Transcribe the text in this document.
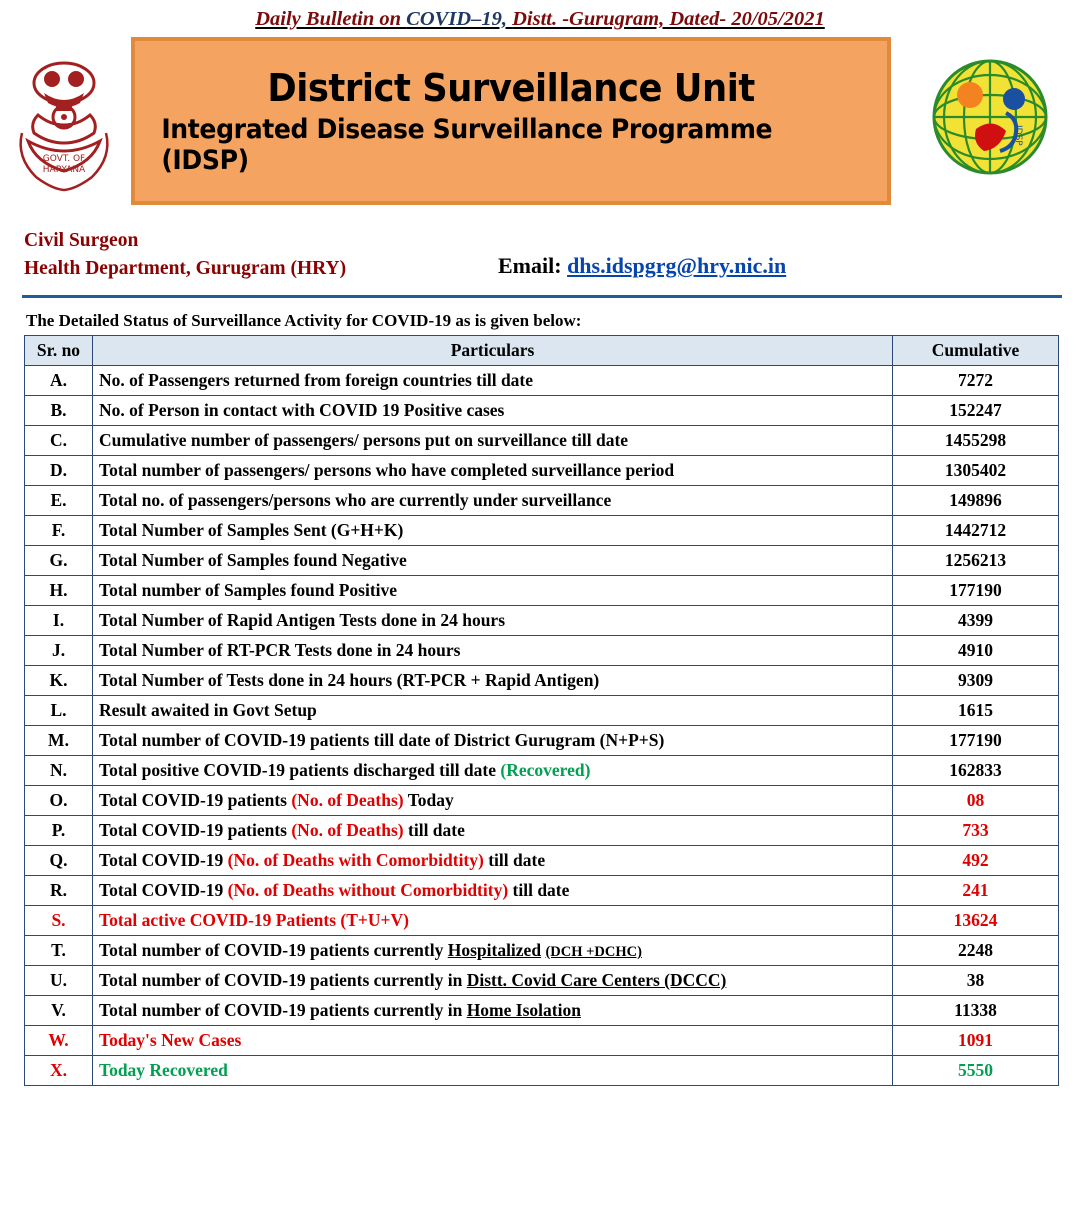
Daily Bulletin on COVID–19, Distt. -Gurugram, Dated- 20/05/2021
GOVT. OF
HARYANA
District Surveillance Unit
Integrated Disease Surveillance Programme (IDSP)
IDSP
Civil Surgeon
Health Department, Gurugram (HRY)	Email: dhs.idspgrg@hry.nic.in
The Detailed Status of Surveillance Activity for COVID-19 as is given below:
Sr. no	Particulars	Cumulative
A.	No. of Passengers returned from foreign countries till date	7272
B.	No. of Person in contact with COVID 19 Positive cases	152247
C.	Cumulative number of passengers/ persons put on surveillance till date	1455298
D.	Total number of passengers/ persons who have completed surveillance period	1305402
E.	Total no. of passengers/persons who are currently under surveillance	149896
F.	Total Number of Samples Sent (G+H+K)	1442712
G.	Total Number of Samples found Negative	1256213
H.	Total number of Samples found Positive	177190
I.	Total Number of Rapid Antigen Tests done in 24 hours	4399
J.	Total Number of RT-PCR Tests done in 24 hours	4910
K.	Total Number of Tests done in 24 hours (RT-PCR + Rapid Antigen)	9309
L.	Result awaited in Govt Setup	1615
M.	Total number of COVID-19 patients till date of District Gurugram (N+P+S)	177190
N.	Total positive COVID-19 patients discharged till date (Recovered)	162833
O.	Total COVID-19 patients (No. of Deaths) Today	08
P.	Total COVID-19 patients (No. of Deaths) till date	733
Q.	Total COVID-19 (No. of Deaths with Comorbidtity) till date	492
R.	Total COVID-19 (No. of Deaths without Comorbidtity) till date	241
S.	Total active COVID-19 Patients (T+U+V)	13624
T.	Total number of COVID-19 patients currently Hospitalized (DCH +DCHC)	2248
U.	Total number of COVID-19 patients currently in Distt. Covid Care Centers (DCCC)	38
V.	Total number of COVID-19 patients currently in Home Isolation	11338
W.	Today's New Cases	1091
X.	Today Recovered	5550
